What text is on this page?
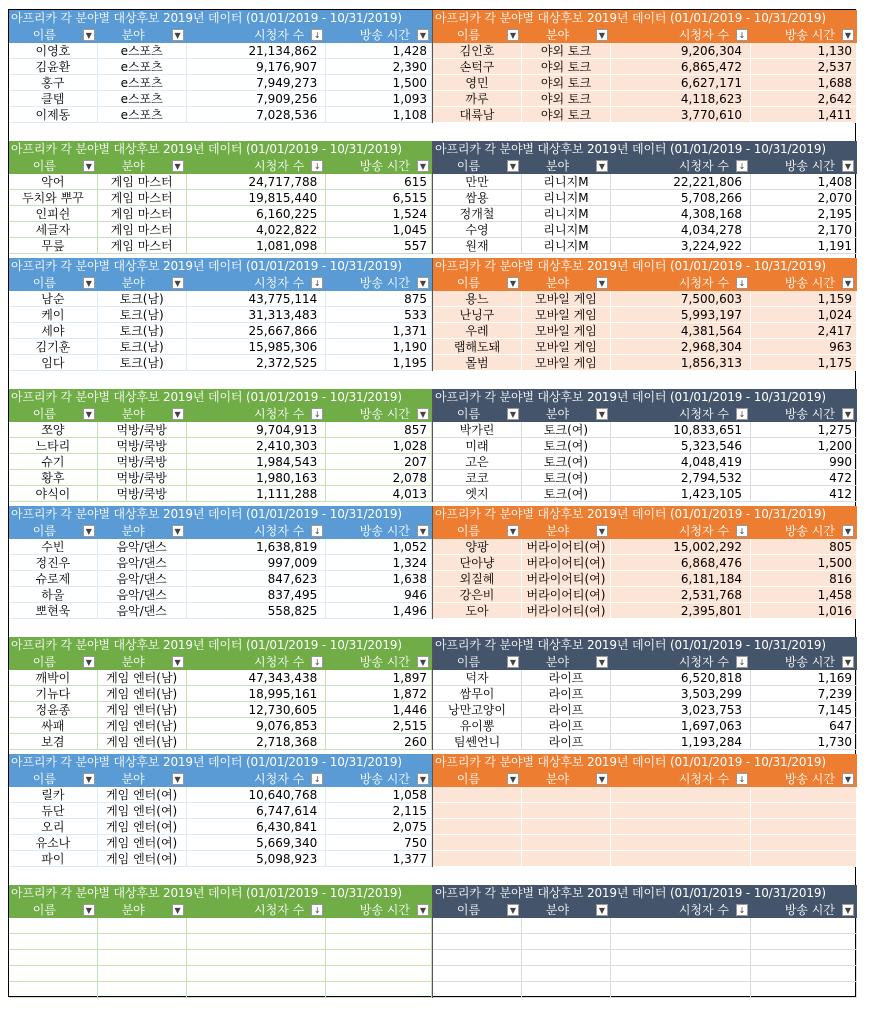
아프리카 각 분야별 대상후보 2019년 데이터 (01/01/2019 - 10/31/2019)
이름	▼	분야	▼	시청자 수	↓	방송 시간	▼
이영호	e스포츠	21,134,862	1,428
김윤환	e스포츠	9,176,907	2,390
홍구	e스포츠	7,949,273	1,500
클템	e스포츠	7,909,256	1,093
이제동	e스포츠	7,028,536	1,108
아프리카 각 분야별 대상후보 2019년 데이터 (01/01/2019 - 10/31/2019)
이름	▼	분야	▼	시청자 수	↓	방송 시간	▼
김인호	야외 토크	9,206,304	1,130
손턱구	야외 토크	6,865,472	2,537
영민	야외 토크	6,627,171	1,688
까루	야외 토크	4,118,623	2,642
대륙남	야외 토크	3,770,610	1,411
아프리카 각 분야별 대상후보 2019년 데이터 (01/01/2019 - 10/31/2019)
이름	▼	분야	▼	시청자 수	↓	방송 시간	▼
악어	게임 마스터	24,717,788	615
두치와 뿌꾸	게임 마스터	19,815,440	6,515
인피쉰	게임 마스터	6,160,225	1,524
세글자	게임 마스터	4,022,822	1,045
무릎	게임 마스터	1,081,098	557
아프리카 각 분야별 대상후보 2019년 데이터 (01/01/2019 - 10/31/2019)
이름	▼	분야	▼	시청자 수	↓	방송 시간	▼
만만	리니지M	22,221,806	1,408
쌈용	리니지M	5,708,266	2,070
정개철	리니지M	4,308,168	2,195
수영	리니지M	4,034,278	2,170
원재	리니지M	3,224,922	1,191
아프리카 각 분야별 대상후보 2019년 데이터 (01/01/2019 - 10/31/2019)
이름	▼	분야	▼	시청자 수	↓	방송 시간	▼
남순	토크(남)	43,775,114	875
케이	토크(남)	31,313,483	533
세야	토크(남)	25,667,866	1,371
김기훈	토크(남)	15,985,306	1,190
임다	토크(남)	2,372,525	1,195
아프리카 각 분야별 대상후보 2019년 데이터 (01/01/2019 - 10/31/2019)
이름	▼	분야	▼	시청자 수	↓	방송 시간	▼
용느	모바일 게임	7,500,603	1,159
난닝구	모바일 게임	5,993,197	1,024
우레	모바일 게임	4,381,564	2,417
랩해도돼	모바일 게임	2,968,304	963
몰범	모바일 게임	1,856,313	1,175
아프리카 각 분야별 대상후보 2019년 데이터 (01/01/2019 - 10/31/2019)
이름	▼	분야	▼	시청자 수	↓	방송 시간	▼
쪼양	먹방/쿡방	9,704,913	857
느타리	먹방/쿡방	2,410,303	1,028
슈기	먹방/쿡방	1,984,543	207
황후	먹방/쿡방	1,980,163	2,078
야식이	먹방/쿡방	1,111,288	4,013
아프리카 각 분야별 대상후보 2019년 데이터 (01/01/2019 - 10/31/2019)
이름	▼	분야	▼	시청자 수	↓	방송 시간	▼
박가린	토크(여)	10,833,651	1,275
미래	토크(여)	5,323,546	1,200
고은	토크(여)	4,048,419	990
코코	토크(여)	2,794,532	472
엣지	토크(여)	1,423,105	412
아프리카 각 분야별 대상후보 2019년 데이터 (01/01/2019 - 10/31/2019)
이름	▼	분야	▼	시청자 수	↓	방송 시간	▼
수빈	음악/댄스	1,638,819	1,052
정진우	음악/댄스	997,009	1,324
슈로제	음악/댄스	847,623	1,638
하울	음악/댄스	837,495	946
뽀현욱	음악/댄스	558,825	1,496
아프리카 각 분야별 대상후보 2019년 데이터 (01/01/2019 - 10/31/2019)
이름	▼	분야	▼	시청자 수	↓	방송 시간	▼
양팡	버라이어티(여)	15,002,292	805
단아냥	버라이어티(여)	6,868,476	1,500
외질혜	버라이어티(여)	6,181,184	816
강은비	버라이어티(여)	2,531,768	1,458
도아	버라이어티(여)	2,395,801	1,016
아프리카 각 분야별 대상후보 2019년 데이터 (01/01/2019 - 10/31/2019)
이름	▼	분야	▼	시청자 수	↓	방송 시간	▼
깨박이	게임 엔터(남)	47,343,438	1,897
기뉴다	게임 엔터(남)	18,995,161	1,872
정윤종	게임 엔터(남)	12,730,605	1,446
싸패	게임 엔터(남)	9,076,853	2,515
보겸	게임 엔터(남)	2,718,368	260
아프리카 각 분야별 대상후보 2019년 데이터 (01/01/2019 - 10/31/2019)
이름	▼	분야	▼	시청자 수	↓	방송 시간	▼
덕자	라이프	6,520,818	1,169
쌈무이	라이프	3,503,299	7,239
낭만고양이	라이프	3,023,753	7,145
유이뽕	라이프	1,697,063	647
팀쎈언니	라이프	1,193,284	1,730
아프리카 각 분야별 대상후보 2019년 데이터 (01/01/2019 - 10/31/2019)
이름	▼	분야	▼	시청자 수	↓	방송 시간	▼
릴카	게임 엔터(여)	10,640,768	1,058
듀단	게임 엔터(여)	6,747,614	2,115
오리	게임 엔터(여)	6,430,841	2,075
유소나	게임 엔터(여)	5,669,340	750
파이	게임 엔터(여)	5,098,923	1,377
아프리카 각 분야별 대상후보 2019년 데이터 (01/01/2019 - 10/31/2019)
이름	▼	분야	▼	시청자 수	↓	방송 시간	▼
아프리카 각 분야별 대상후보 2019년 데이터 (01/01/2019 - 10/31/2019)
이름	▼	분야	▼	시청자 수	↓	방송 시간	▼
아프리카 각 분야별 대상후보 2019년 데이터 (01/01/2019 - 10/31/2019)
이름	▼	분야	▼	시청자 수	↓	방송 시간	▼
